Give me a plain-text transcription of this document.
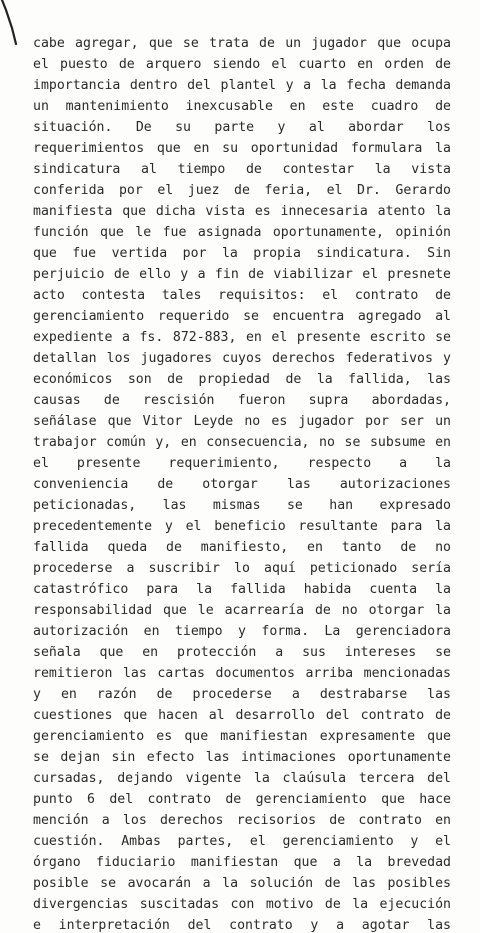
cabe agregar, que se trata de un jugador que ocupa
el puesto de arquero siendo el cuarto en orden de
importancia dentro del plantel y a la fecha demanda
un mantenimiento inexcusable en este cuadro de
situación. De su parte y al abordar los
requerimientos que en su oportunidad formulara la
sindicatura al tiempo de contestar la vista
conferida por el juez de feria, el Dr. Gerardo
manifiesta que dicha vista es innecesaria atento la
función que le fue asignada oportunamente, opinión
que fue vertida por la propia sindicatura. Sin
perjuicio de ello y a fin de viabilizar el presnete
acto contesta tales requisitos: el contrato de
gerenciamiento requerido se encuentra agregado al
expediente a fs. 872-883, en el presente escrito se
detallan los jugadores cuyos derechos federativos y
económicos son de propiedad de la fallida, las
causas de rescisión fueron supra abordadas,
señálase que Vitor Leyde no es jugador por ser un
trabajor común y, en consecuencia, no se subsume en
el presente requerimiento, respecto a la
conveniencia de otorgar las autorizaciones
peticionadas, las mismas se han expresado
precedentemente y el beneficio resultante para la
fallida queda de manifiesto, en tanto de no
procederse a suscribir lo aquí peticionado sería
catastrófico para la fallida habida cuenta la
responsabilidad que le acarrearía de no otorgar la
autorización en tiempo y forma. La gerenciadora
señala que en protección a sus intereses se
remitieron las cartas documentos arriba mencionadas
y en razón de procederse a destrabarse las
cuestiones que hacen al desarrollo del contrato de
gerenciamiento es que manifiestan expresamente que
se dejan sin efecto las intimaciones oportunamente
cursadas, dejando vigente la claúsula tercera del
punto 6 del contrato de gerenciamiento que hace
mención a los derechos recisorios de contrato en
cuestión. Ambas partes, el gerenciamiento y el
órgano fiduciario manifiestan que a la brevedad
posible se avocarán a la solución de las posibles
divergencias suscitadas con motivo de la ejecución
e interpretación del contrato y a agotar las
